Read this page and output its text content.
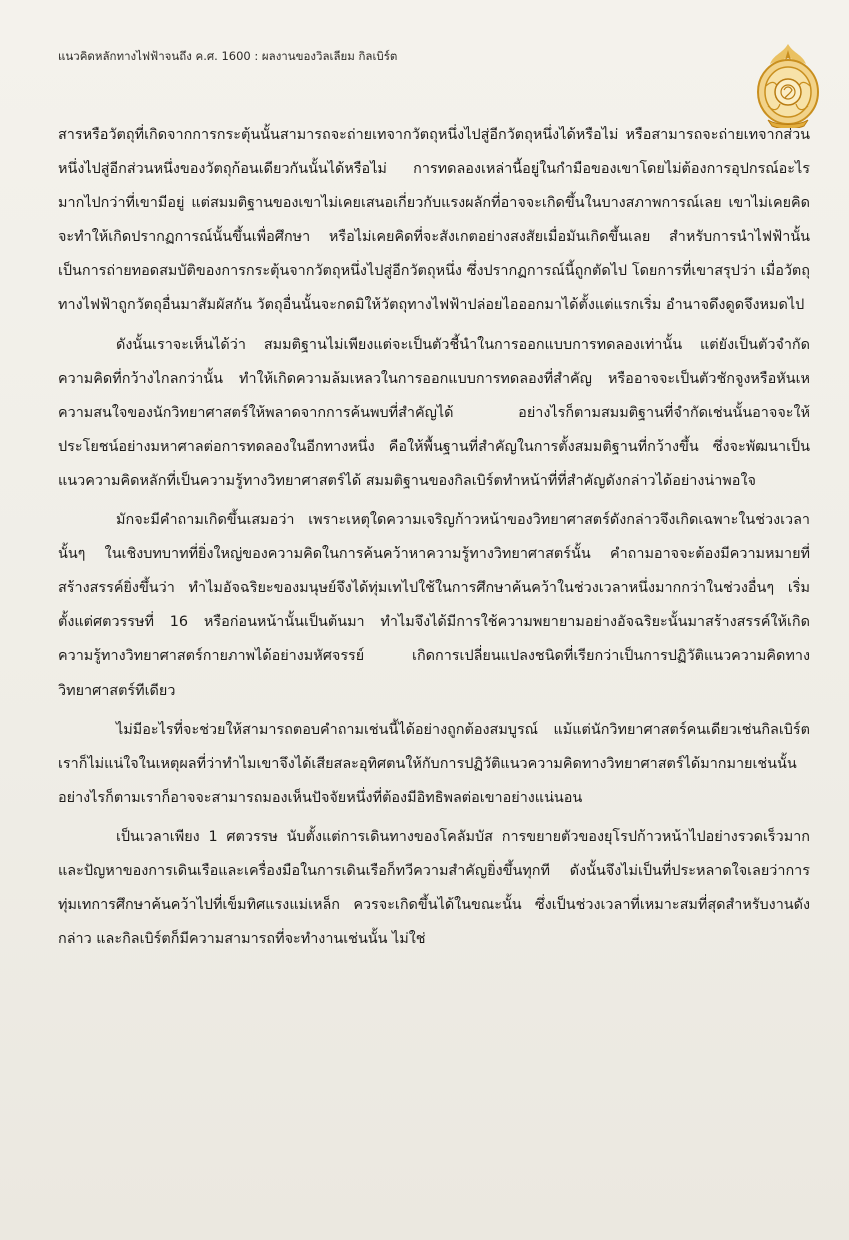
แนวคิดหลักทางไฟฟ้าจนถึง ค.ศ. 1600 : ผลงานของวิลเลียม กิลเบิร์ต

สารหรือวัตถุที่เกิดจากการกระตุ้นนั้นสามารถจะถ่ายเทจากวัตถุหนึ่งไปสู่อีกวัตถุหนึ่งได้หรือไม่ หรือสามารถจะถ่ายเทจากส่วนหนึ่งไปสู่อีกส่วนหนึ่งของวัตถุก้อนเดียวกันนั้นได้หรือไม่ การทดลองเหล่านี้อยู่ในกำมือของเขาโดยไม่ต้องการอุปกรณ์อะไรมากไปกว่าที่เขามีอยู่ แต่สมมติฐานของเขาไม่เคยเสนอเกี่ยวกับแรงผลักที่อาจจะเกิดขึ้นในบางสภาพการณ์เลย เขาไม่เคยคิดจะทำให้เกิดปรากฏการณ์นั้นขึ้นเพื่อศึกษา หรือไม่เคยคิดที่จะสังเกตอย่างสงสัยเมื่อมันเกิดขึ้นเลย สำหรับการนำไฟฟ้านั้นเป็นการถ่ายทอดสมบัติของการกระตุ้นจากวัตถุหนึ่งไปสู่อีกวัตถุหนึ่ง ซึ่งปรากฏการณ์นี้ถูกตัดไป โดยการที่เขาสรุปว่า เมื่อวัตถุทางไฟฟ้าถูกวัตถุอื่นมาสัมผัสกัน วัตถุอื่นนั้นจะกดมิให้วัตถุทางไฟฟ้าปล่อยไอออกมาได้ตั้งแต่แรกเริ่ม อำนาจดึงดูดจึงหมดไป

ดังนั้นเราจะเห็นได้ว่า สมมติฐานไม่เพียงแต่จะเป็นตัวชี้นำในการออกแบบการทดลองเท่านั้น แต่ยังเป็นตัวจำกัดความคิดที่กว้างไกลกว่านั้น ทำให้เกิดความล้มเหลวในการออกแบบการทดลองที่สำคัญ หรืออาจจะเป็นตัวชักจูงหรือหันเหความสนใจของนักวิทยาศาสตร์ให้พลาดจากการค้นพบที่สำคัญได้ อย่างไรก็ตามสมมติฐานที่จำกัดเช่นนั้นอาจจะให้ประโยชน์อย่างมหาศาลต่อการทดลองในอีกทางหนึ่ง คือให้พื้นฐานที่สำคัญในการตั้งสมมติฐานที่กว้างขึ้น ซึ่งจะพัฒนาเป็นแนวความคิดหลักที่เป็นความรู้ทางวิทยาศาสตร์ได้ สมมติฐานของกิลเบิร์ตทำหน้าที่ที่สำคัญดังกล่าวได้อย่างน่าพอใจ

มักจะมีคำถามเกิดขึ้นเสมอว่า เพราะเหตุใดความเจริญก้าวหน้าของวิทยาศาสตร์ดังกล่าวจึงเกิดเฉพาะในช่วงเวลานั้นๆ ในเชิงบทบาทที่ยิ่งใหญ่ของความคิดในการค้นคว้าหาความรู้ทางวิทยาศาสตร์นั้น คำถามอาจจะต้องมีความหมายที่สร้างสรรค์ยิ่งขึ้นว่า ทำไมอัจฉริยะของมนุษย์จึงได้ทุ่มเทไปใช้ในการศึกษาค้นคว้าในช่วงเวลาหนึ่งมากกว่าในช่วงอื่นๆ เริ่มตั้งแต่ศตวรรษที่ 16 หรือก่อนหน้านั้นเป็นต้นมา ทำไมจึงได้มีการใช้ความพยายามอย่างอัจฉริยะนั้นมาสร้างสรรค์ให้เกิดความรู้ทางวิทยาศาสตร์กายภาพได้อย่างมหัศจรรย์ เกิดการเปลี่ยนแปลงชนิดที่เรียกว่าเป็นการปฏิวัติแนวความคิดทางวิทยาศาสตร์ทีเดียว

ไม่มีอะไรที่จะช่วยให้สามารถตอบคำถามเช่นนี้ได้อย่างถูกต้องสมบูรณ์ แม้แต่นักวิทยาศาสตร์คนเดียวเช่นกิลเบิร์ต เราก็ไม่แน่ใจในเหตุผลที่ว่าทำไมเขาจึงได้เสียสละอุทิศตนให้กับการปฏิวัติแนวความคิดทางวิทยาศาสตร์ได้มากมายเช่นนั้น อย่างไรก็ตามเราก็อาจจะสามารถมองเห็นปัจจัยหนึ่งที่ต้องมีอิทธิพลต่อเขาอย่างแน่นอน

เป็นเวลาเพียง 1 ศตวรรษ นับตั้งแต่การเดินทางของโคลัมบัส การขยายตัวของยุโรปก้าวหน้าไปอย่างรวดเร็วมาก และปัญหาของการเดินเรือและเครื่องมือในการเดินเรือก็ทวีความสำคัญยิ่งขึ้นทุกที ดังนั้นจึงไม่เป็นที่ประหลาดใจเลยว่าการทุ่มเทการศึกษาค้นคว้าไปที่เข็มทิศแรงแม่เหล็ก ควรจะเกิดขึ้นได้ในขณะนั้น ซึ่งเป็นช่วงเวลาที่เหมาะสมที่สุดสำหรับงานดังกล่าว และกิลเบิร์ตก็มีความสามารถที่จะทำงานเช่นนั้น ไม่ใช่
